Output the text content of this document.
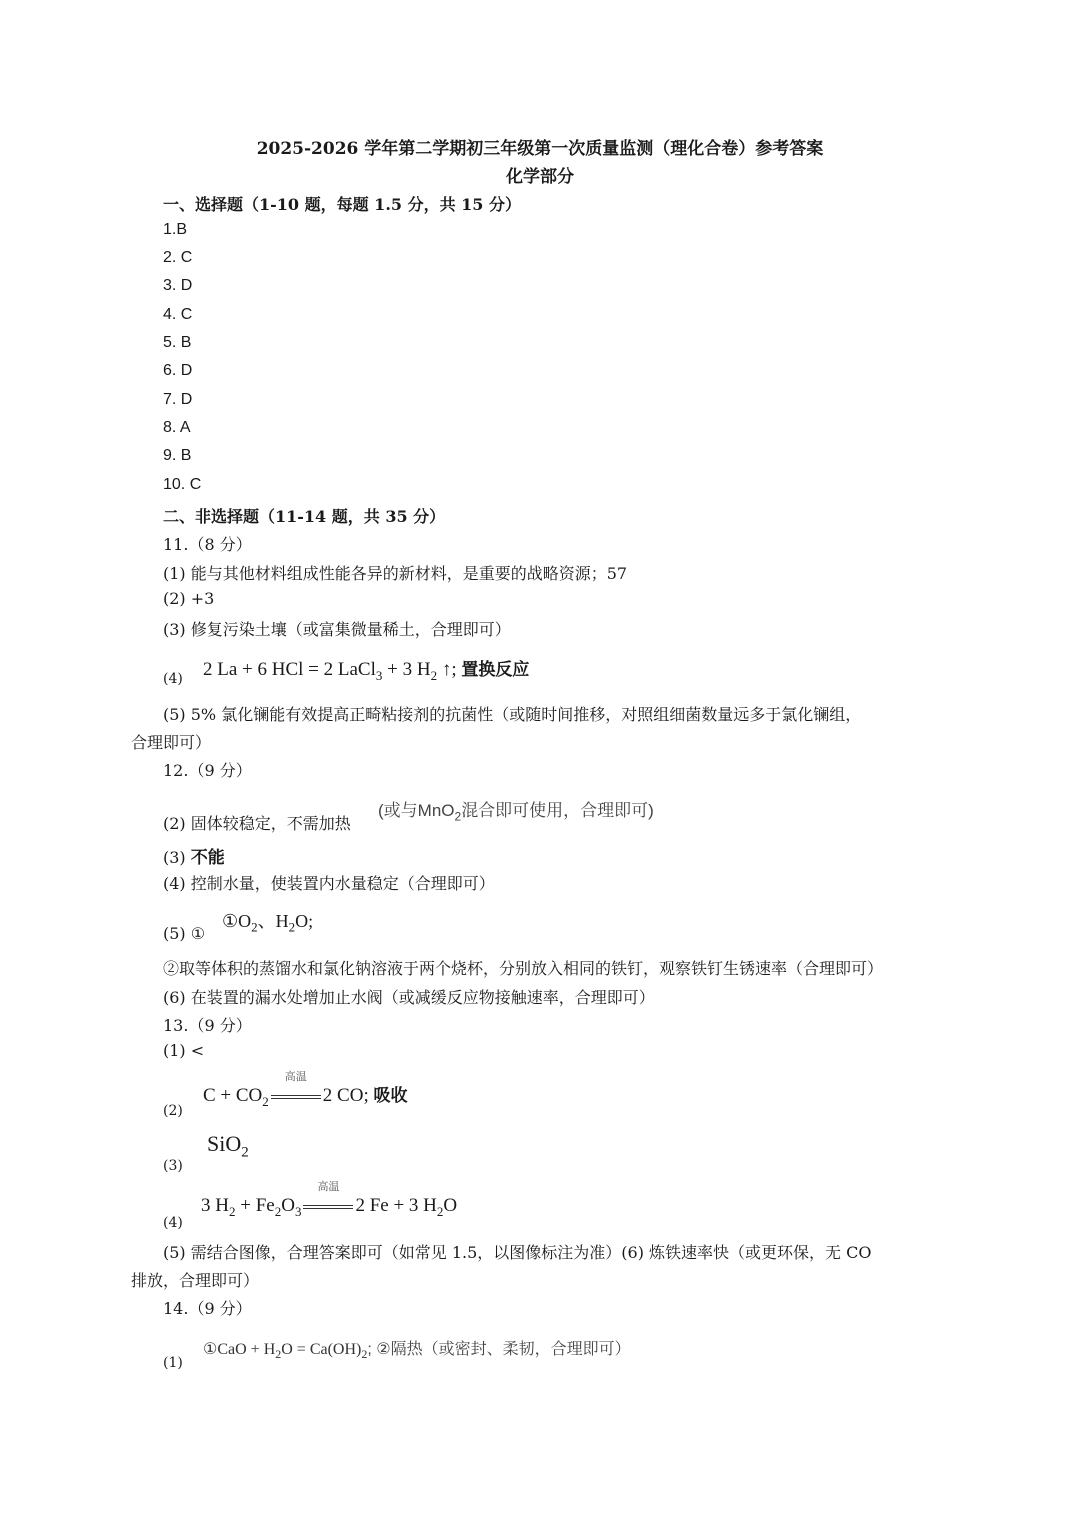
2025-2026 学年第二学期初三年级第一次质量监测（理化合卷）参考答案
化学部分
一、选择题（1-10 题，每题 1.5 分，共 15 分）
1.B
2. C
3. D
4. C
5. B
6. D
7. D
8. A
9. B
10. C
二、非选择题（11-14 题，共 35 分）
11.（8 分）
(1) 能与其他材料组成性能各异的新材料，是重要的战略资源；57
(2) +3
(3) 修复污染土壤（或富集微量稀土，合理即可）
(4) 2 La + 6 HCl = 2 LaCl$_3$ + 3 $H_2$ ↑; 置换反应
(5) 5% 氯化镧能有效提高正畸粘接剂的抗菌性（或随时间推移，对照组细菌数量远多于氯化镧组，
合理即可）
12.（9 分）
(2) 固体较稳定，不需加热
(或与MnO$_2$混合即可使用，合理即可)
(3) 不能
(4) 控制水量，使装置内水量稳定（合理即可）
(5) ①
$①O_2$、$H_2O$;
②取等体积的蒸馏水和氯化钠溶液于两个烧杯，分别放入相同的铁钉，观察铁钉生锈速率（合理即可）
(6) 在装置的漏水处增加止水阀（或减缓反应物接触速率，合理即可）
13.（9 分）
(1) <
(2)
$C + CO_2$
高温
2 CO; 吸收
(3)
SiO$_2$
(4)
3 $H_2 + Fe_2O_3$
高温
2 Fe + 3 $H_2O$
(5) 需结合图像，合理答案即可（如常见 1.5，以图像标注为准）(6) 炼铁速率快（或更环保，无 CO
排放，合理即可）
14.（9 分）
(1)
①CaO + $H_2O = Ca(OH)_2$; ②隔热（或密封、柔韧，合理即可）
